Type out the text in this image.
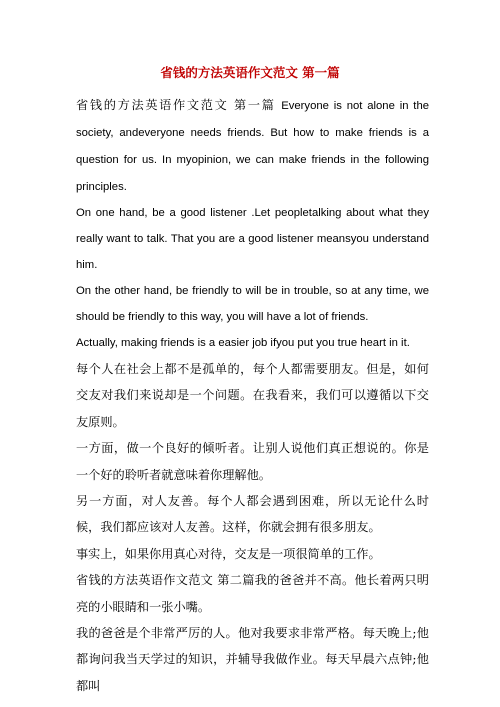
省钱的方法英语作文范文 第一篇

省钱的方法英语作文范文 第一篇 Everyone is not alone in the society, andeveryone needs friends. But how to make friends is a question for us. In myopinion, we can make friends in the following principles.

On one hand, be a good listener .Let peopletalking about what they really want to talk. That you are a good listener meansyou understand him.

On the other hand, be friendly to will be in trouble, so at any time, we should be friendly to this way, you will have a lot of friends.

Actually, making friends is a easier job ifyou put you true heart in it.

每个人在社会上都不是孤单的，每个人都需要朋友。但是，如何交友对我们来说却是一个问题。在我看来，我们可以遵循以下交友原则。

一方面，做一个良好的倾听者。让别人说他们真正想说的。你是一个好的聆听者就意味着你理解他。

另一方面，对人友善。每个人都会遇到困难，所以无论什么时候，我们都应该对人友善。这样，你就会拥有很多朋友。

事实上，如果你用真心对待，交友是一项很简单的工作。

省钱的方法英语作文范文 第二篇我的爸爸并不高。他长着两只明亮的小眼睛和一张小嘴。

我的爸爸是个非常严厉的人。他对我要求非常严格。每天晚上;他都询问我当天学过的知识，并辅导我做作业。每天早晨六点钟;他都叫
